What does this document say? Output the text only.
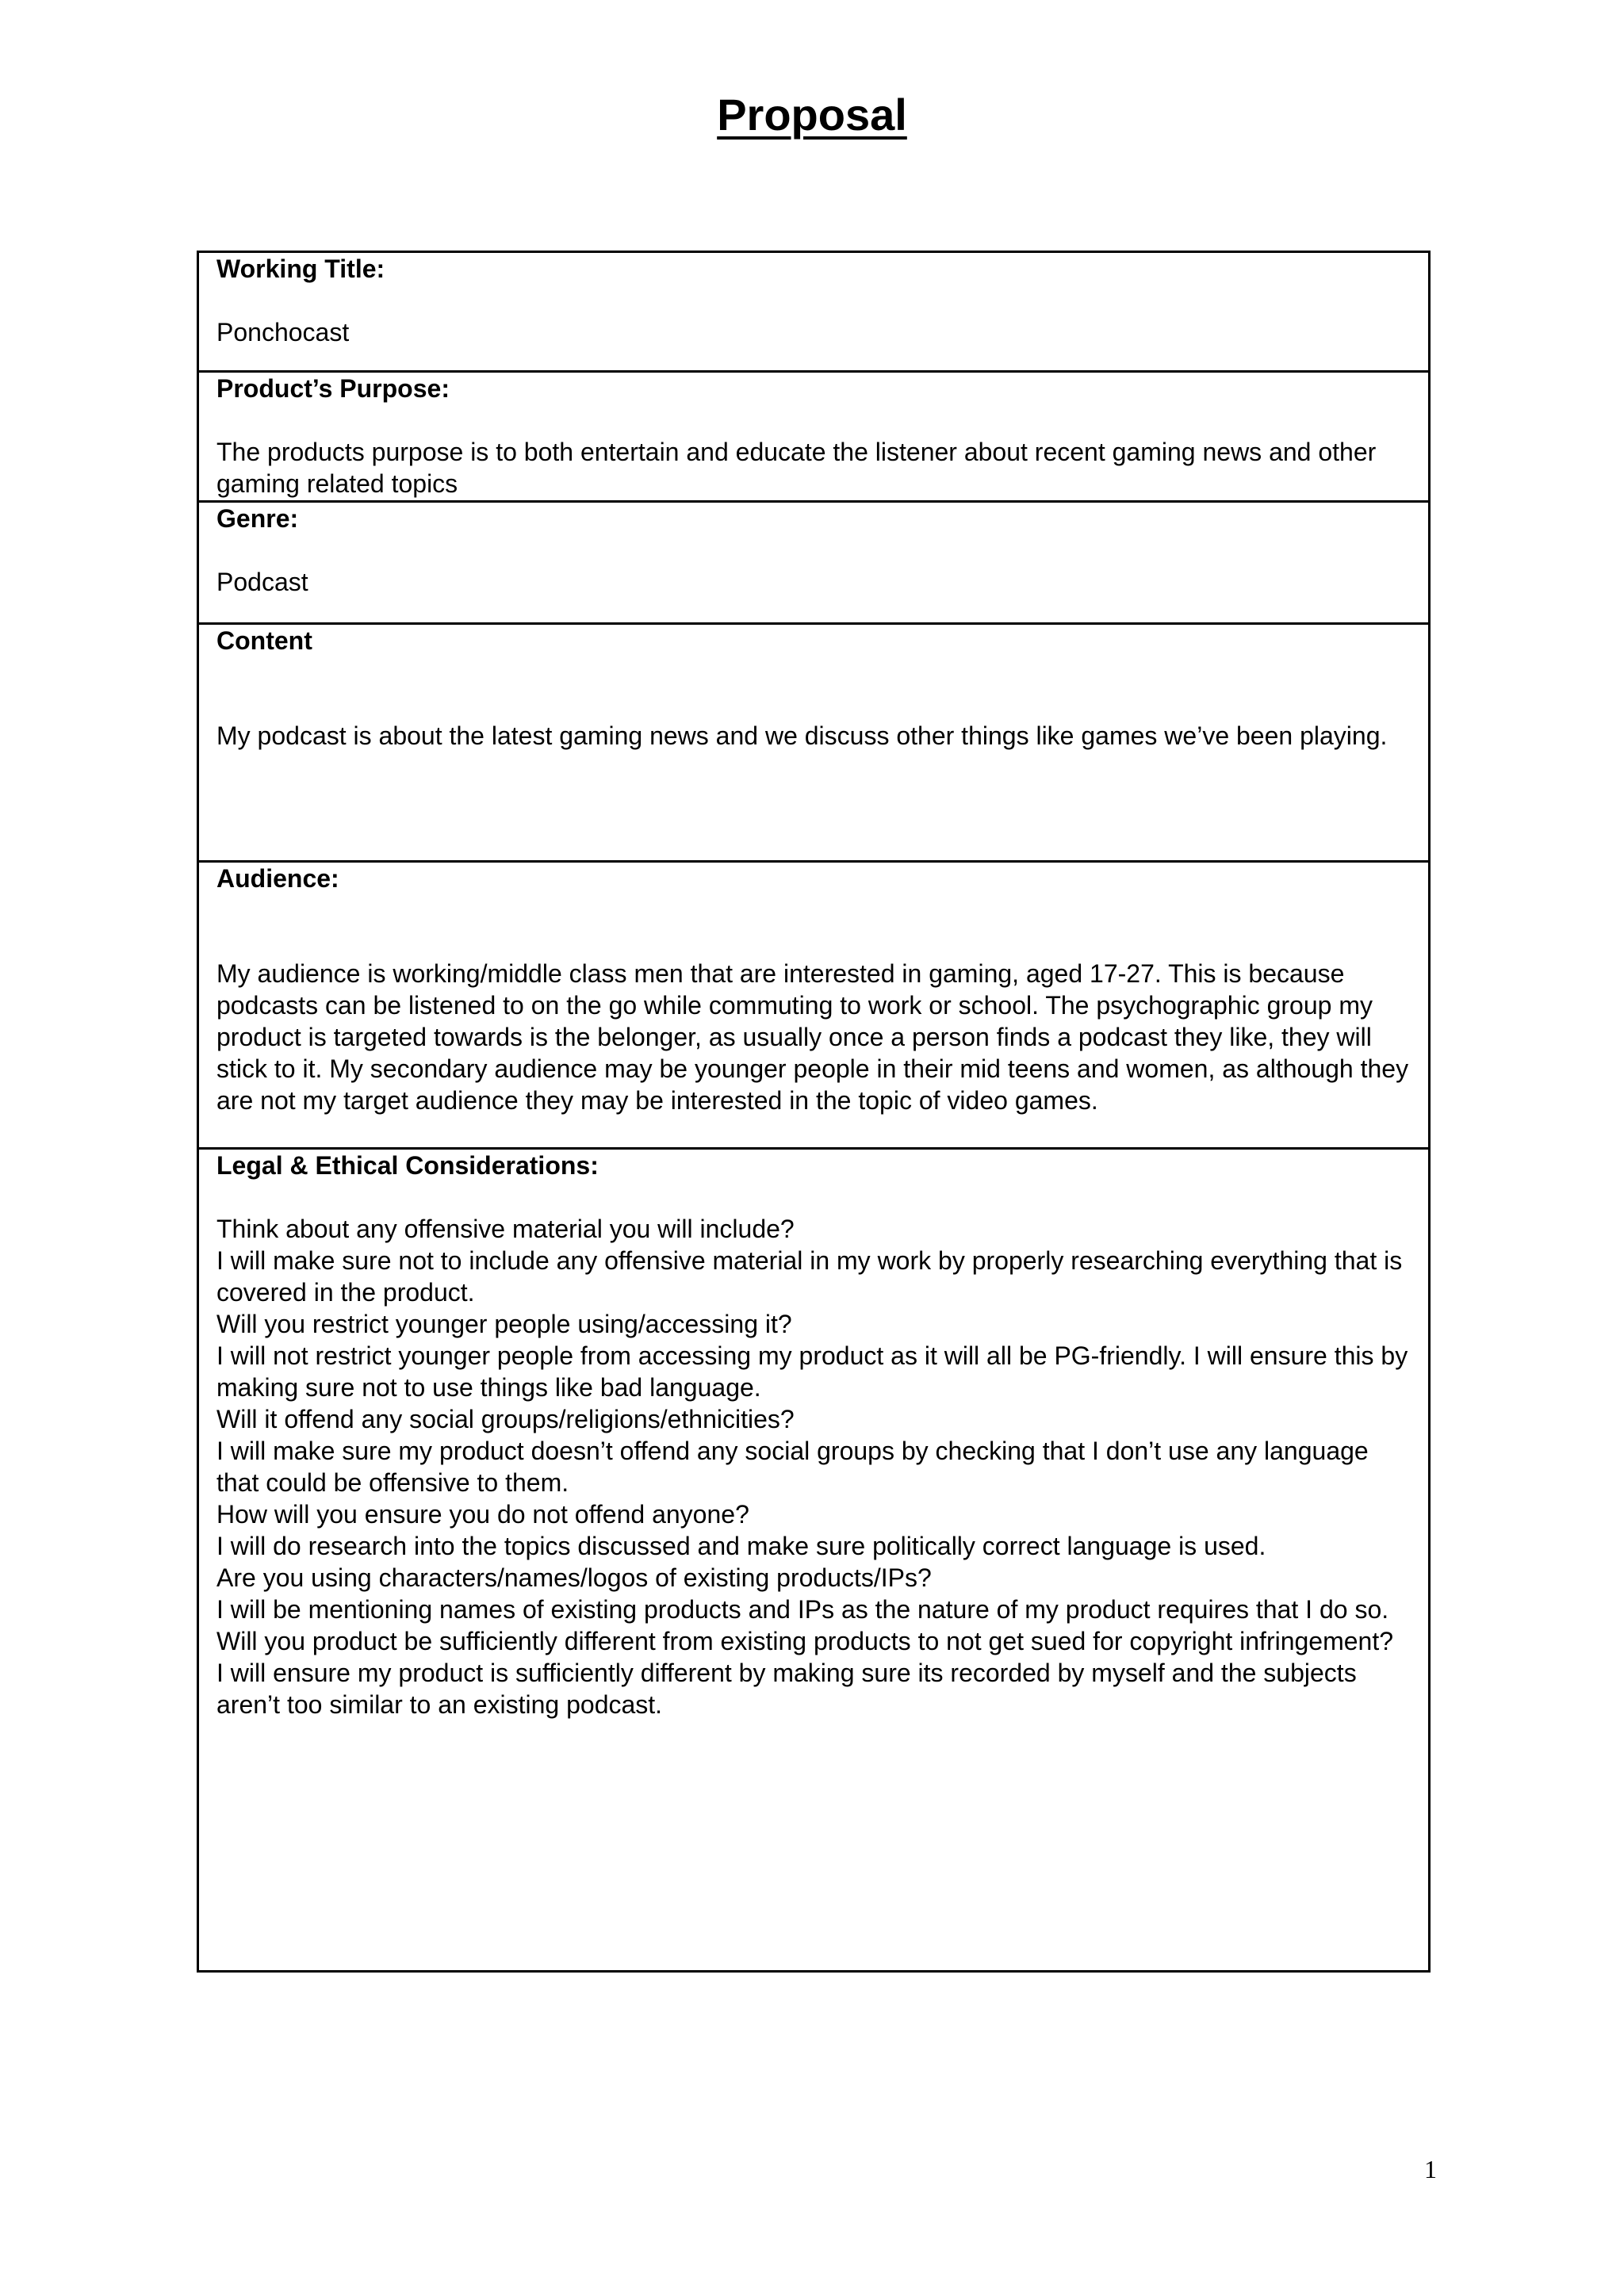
Proposal
Working Title:
Ponchocast
Product’s Purpose:
The products purpose is to both entertain and educate the listener about recent gaming news and other gaming related topics
Genre:
Podcast
Content
My podcast is about the latest gaming news and we discuss other things like games we’ve been playing.
Audience:
My audience is working/middle class men that are interested in gaming, aged 17-27. This is because podcasts can be listened to on the go while commuting to work or school. The psychographic group my product is targeted towards is the belonger, as usually once a person finds a podcast they like, they will stick to it. My secondary audience may be younger people in their mid teens and women, as although they are not my target audience they may be interested in the topic of video games.
Legal & Ethical Considerations:

Think about any offensive material you will include?

I will make sure not to include any offensive material in my work by properly researching everything that is covered in the product.

Will you restrict younger people using/accessing it?

I will not restrict younger people from accessing my product as it will all be PG-friendly. I will ensure this by making sure not to use things like bad language.

Will it offend any social groups/religions/ethnicities?

I will make sure my product doesn’t offend any social groups by checking that I don’t use any language that could be offensive to them.

How will you ensure you do not offend anyone?

I will do research into the topics discussed and make sure politically correct language is used.

Are you using characters/names/logos of existing products/IPs?

I will be mentioning names of existing products and IPs as the nature of my product requires that I do so.

Will you product be sufficiently different from existing products to not get sued for copyright infringement?

I will ensure my product is sufficiently different by making sure its recorded by myself and the subjects aren’t too similar to an existing podcast.

1
